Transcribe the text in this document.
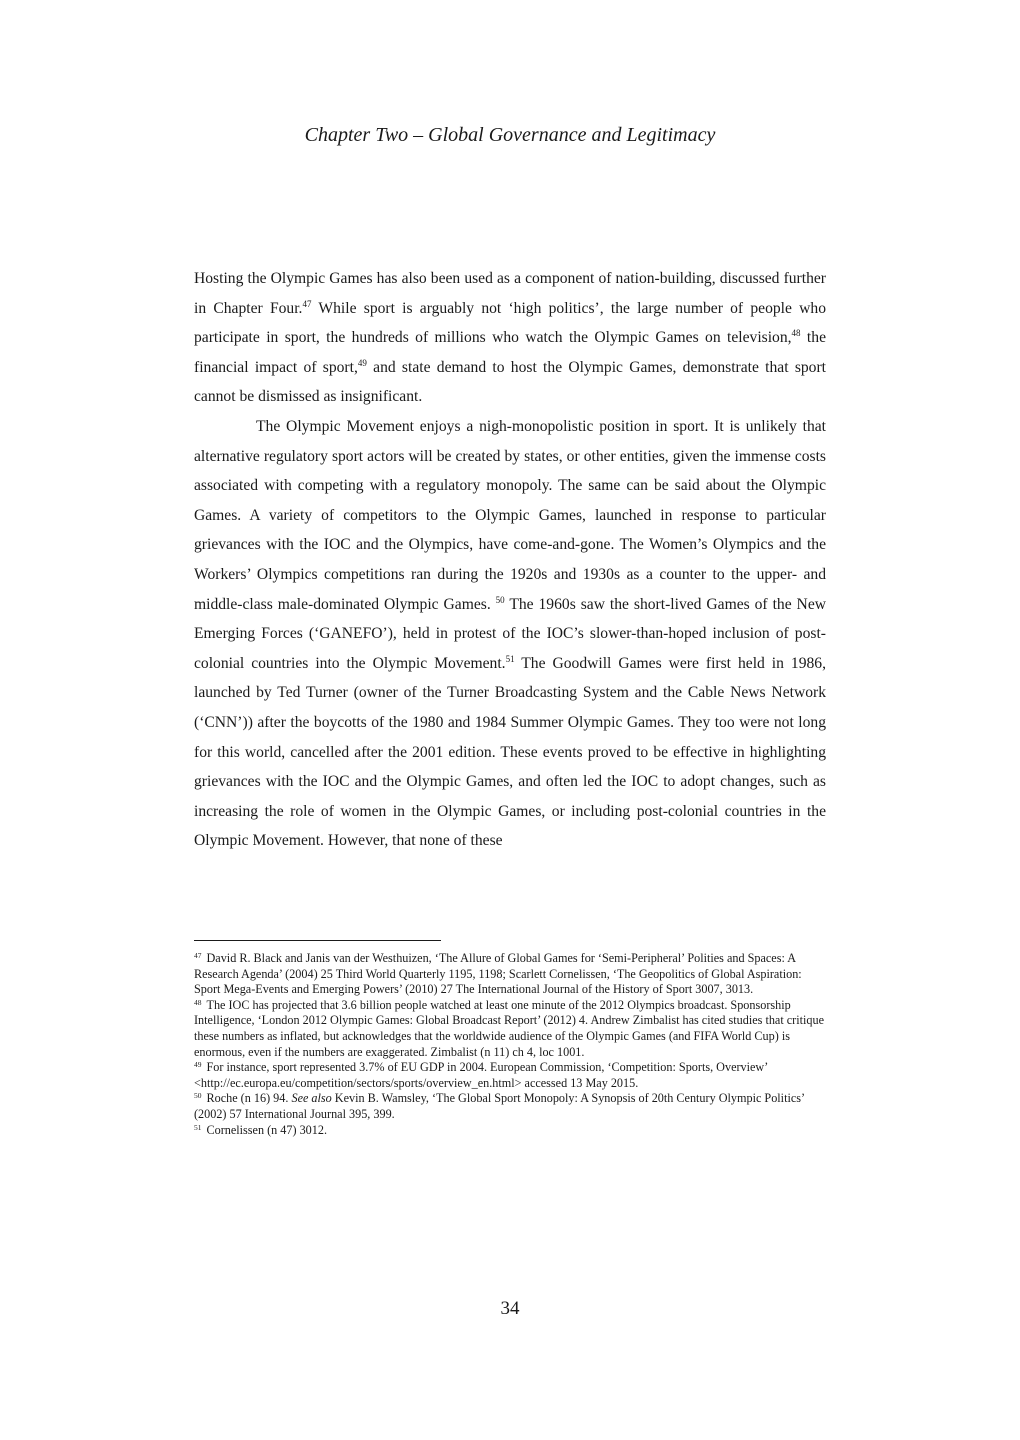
Chapter Two – Global Governance and Legitimacy

Hosting the Olympic Games has also been used as a component of nation-building, discussed further in Chapter Four.$^{47}$ While sport is arguably not ‘high politics’, the large number of people who participate in sport, the hundreds of millions who watch the Olympic Games on television,$^{48}$ the financial impact of sport,$^{49}$ and state demand to host the Olympic Games, demonstrate that sport cannot be dismissed as insignificant.

The Olympic Movement enjoys a nigh-monopolistic position in sport. It is unlikely that alternative regulatory sport actors will be created by states, or other entities, given the immense costs associated with competing with a regulatory monopoly. The same can be said about the Olympic Games. A variety of competitors to the Olympic Games, launched in response to particular grievances with the IOC and the Olympics, have come-and-gone. The Women’s Olympics and the Workers’ Olympics competitions ran during the 1920s and 1930s as a counter to the upper- and middle-class male-dominated Olympic Games. $^{50}$ The 1960s saw the short-lived Games of the New Emerging Forces (‘GANEFO’), held in protest of the IOC’s slower-than-hoped inclusion of post-colonial countries into the Olympic Movement.$^{51}$ The Goodwill Games were first held in 1986, launched by Ted Turner (owner of the Turner Broadcasting System and the Cable News Network (‘CNN’)) after the boycotts of the 1980 and 1984 Summer Olympic Games. They too were not long for this world, cancelled after the 2001 edition. These events proved to be effective in highlighting grievances with the IOC and the Olympic Games, and often led the IOC to adopt changes, such as increasing the role of women in the Olympic Games, or including post-colonial countries in the Olympic Movement. However, that none of these

$^{47}$ David R. Black and Janis van der Westhuizen, ‘The Allure of Global Games for ‘Semi-Peripheral’ Polities and Spaces: A Research Agenda’ (2004) 25 Third World Quarterly 1195, 1198; Scarlett Cornelissen, ‘The Geopolitics of Global Aspiration: Sport Mega-Events and Emerging Powers’ (2010) 27 The International Journal of the History of Sport 3007, 3013.

$^{48}$ The IOC has projected that 3.6 billion people watched at least one minute of the 2012 Olympics broadcast. Sponsorship Intelligence, ‘London 2012 Olympic Games: Global Broadcast Report’ (2012) 4. Andrew Zimbalist has cited studies that critique these numbers as inflated, but acknowledges that the worldwide audience of the Olympic Games (and FIFA World Cup) is enormous, even if the numbers are exaggerated. Zimbalist (n 11) ch 4, loc 1001.

$^{49}$ For instance, sport represented 3.7% of EU GDP in 2004. European Commission, ‘Competition: Sports, Overview’ <http://ec.europa.eu/competition/sectors/sports/overview_en.html> accessed 13 May 2015.

$^{50}$ Roche (n 16) 94. See also Kevin B. Wamsley, ‘The Global Sport Monopoly: A Synopsis of 20th Century Olympic Politics’ (2002) 57 International Journal 395, 399.

$^{51}$ Cornelissen (n 47) 3012.

34
